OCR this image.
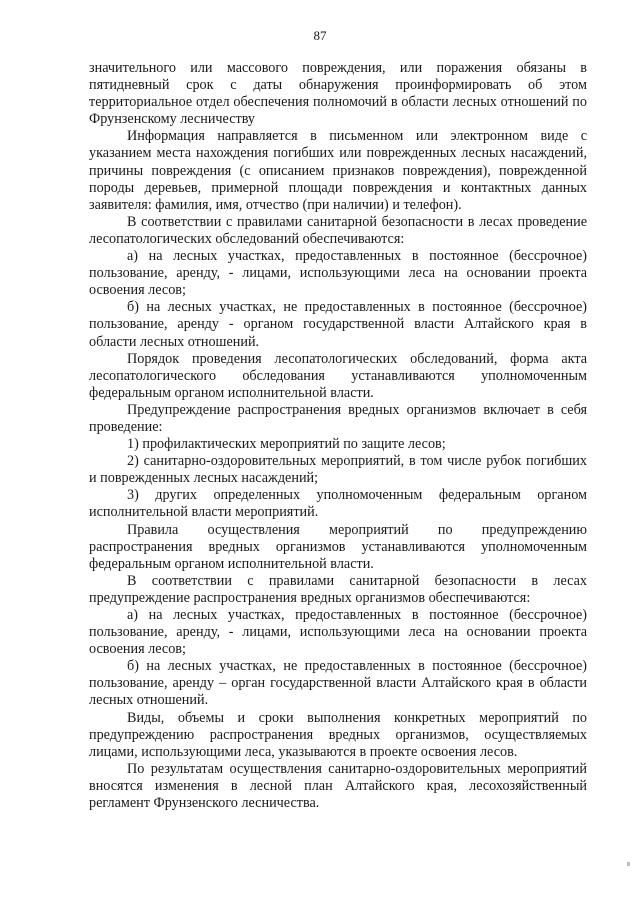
87

значительного или массового повреждения, или поражения обязаны в пятидневный срок с даты обнаружения проинформировать об этом территориальное отдел обеспечения полномочий в области лесных отношений по Фрунзенскому лесничеству

Информация направляется в письменном или электронном виде с указанием места нахождения погибших или поврежденных лесных насаждений, причины повреждения (с описанием признаков повреждения), поврежденной породы деревьев, примерной площади повреждения и контактных данных заявителя: фамилия, имя, отчество (при наличии) и телефон).

В соответствии с правилами санитарной безопасности в лесах проведение лесопатологических обследований обеспечиваются:

а) на лесных участках, предоставленных в постоянное (бессрочное) пользование, аренду, - лицами, использующими леса на основании проекта освоения лесов;

б) на лесных участках, не предоставленных в постоянное (бессрочное) пользование, аренду - органом государственной власти Алтайского края в области лесных отношений.

Порядок проведения лесопатологических обследований, форма акта лесопатологического обследования устанавливаются уполномоченным федеральным органом исполнительной власти.

Предупреждение распространения вредных организмов включает в себя проведение:

1) профилактических мероприятий по защите лесов;

2) санитарно-оздоровительных мероприятий, в том числе рубок погибших и поврежденных лесных насаждений;

3) других определенных уполномоченным федеральным органом исполнительной власти мероприятий.

Правила осуществления мероприятий по предупреждению распространения вредных организмов устанавливаются уполномоченным федеральным органом исполнительной власти.

В соответствии с правилами санитарной безопасности в лесах предупреждение распространения вредных организмов обеспечиваются:

а) на лесных участках, предоставленных в постоянное (бессрочное) пользование, аренду, - лицами, использующими леса на основании проекта освоения лесов;

б) на лесных участках, не предоставленных в постоянное (бессрочное) пользование, аренду – орган государственной власти Алтайского края в области лесных отношений.

Виды, объемы и сроки выполнения конкретных мероприятий по предупреждению распространения вредных организмов, осуществляемых лицами, использующими леса, указываются в проекте освоения лесов.

По результатам осуществления санитарно-оздоровительных мероприятий вносятся изменения в лесной план Алтайского края, лесохозяйственный регламент Фрунзенского лесничества.
